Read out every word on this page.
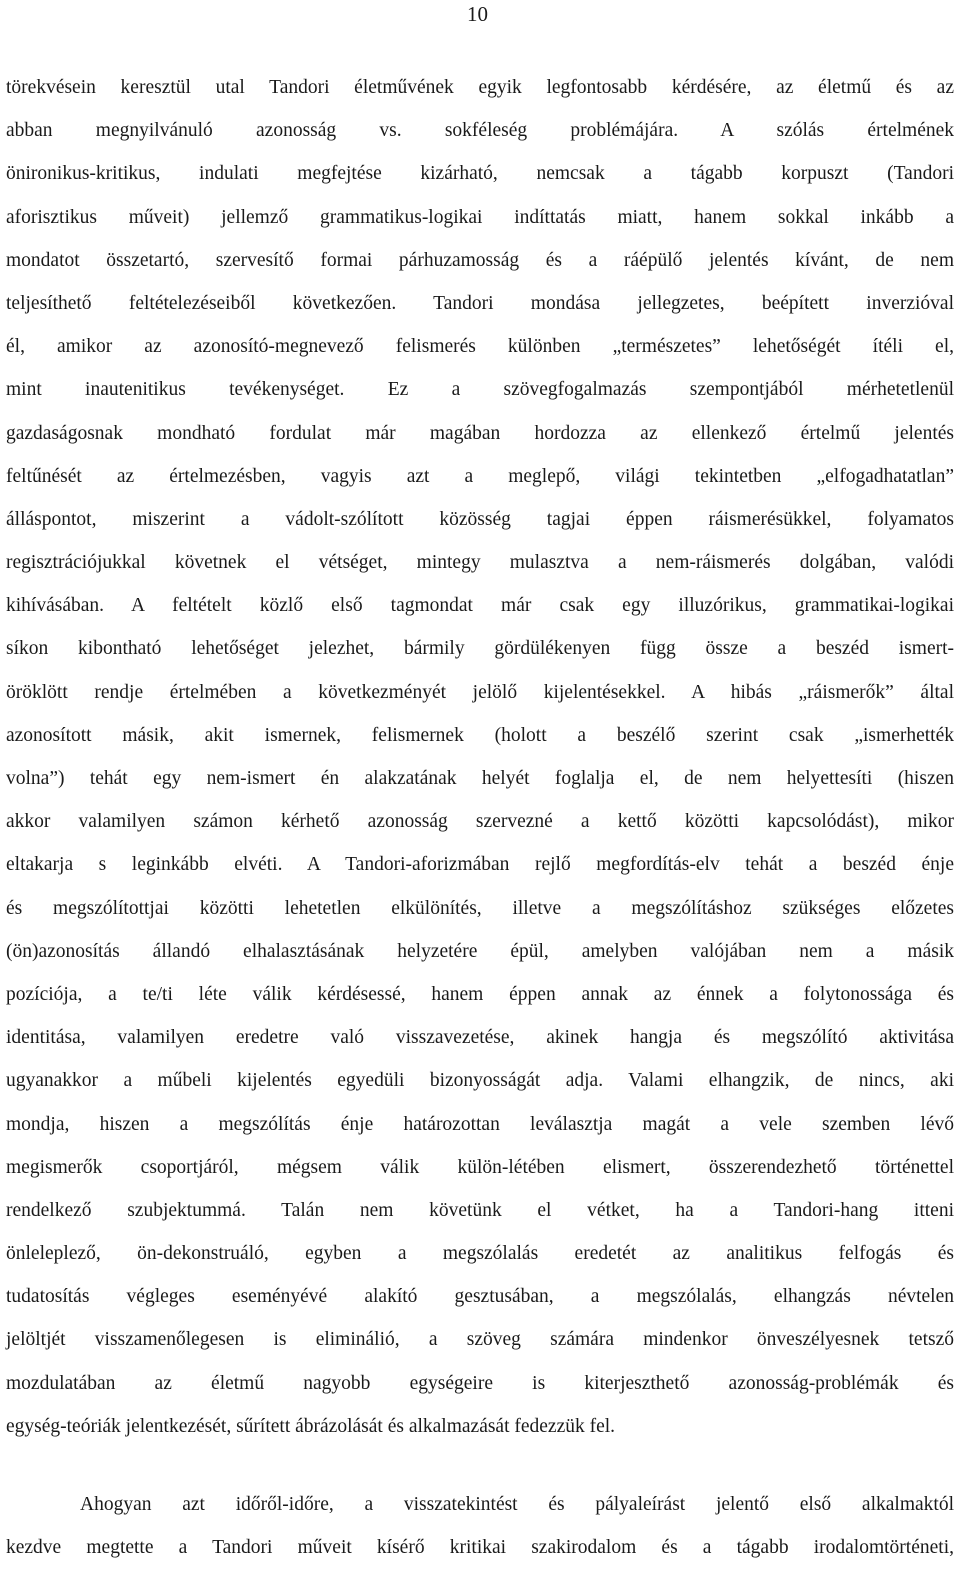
10
törekvésein keresztül utal Tandori életművének egyik legfontosabb kérdésére, az életmű és az
abban megnyilvánuló azonosság vs. sokféleség problémájára. A szólás értelmének
önironikus-kritikus, indulati megfejtése kizárható, nemcsak a tágabb korpuszt (Tandori
aforisztikus műveit) jellemző grammatikus-logikai indíttatás miatt, hanem sokkal inkább a
mondatot összetartó, szervesítő formai párhuzamosság és a ráépülő jelentés kívánt, de nem
teljesíthető feltételezéseiből következően. Tandori mondása jellegzetes, beépített inverzióval
él, amikor az azonosító-megnevező felismerés különben „természetes” lehetőségét ítéli el,
mint inautenitikus tevékenységet. Ez a szövegfogalmazás szempontjából mérhetetlenül
gazdaságosnak mondható fordulat már magában hordozza az ellenkező értelmű jelentés
feltűnését az értelmezésben, vagyis azt a meglepő, világi tekintetben „elfogadhatatlan”
álláspontot, miszerint a vádolt-szólított közösség tagjai éppen ráismerésükkel, folyamatos
regisztrációjukkal követnek el vétséget, mintegy mulasztva a nem-ráismerés dolgában, valódi
kihívásában. A feltételt közlő első tagmondat már csak egy illuzórikus, grammatikai-logikai
síkon kibontható lehetőséget jelezhet, bármily gördülékenyen függ össze a beszéd ismert-
öröklött rendje értelmében a következményét jelölő kijelentésekkel. A hibás „ráismerők” által
azonosított másik, akit ismernek, felismernek (holott a beszélő szerint csak „ismerhették
volna”) tehát egy nem-ismert én alakzatának helyét foglalja el, de nem helyettesíti (hiszen
akkor valamilyen számon kérhető azonosság szervezné a kettő közötti kapcsolódást), mikor
eltakarja s leginkább elvéti. A Tandori-aforizmában rejlő megfordítás-elv tehát a beszéd énje
és megszólítottjai közötti lehetetlen elkülönítés, illetve a megszólításhoz szükséges előzetes
(ön)azonosítás állandó elhalasztásának helyzetére épül, amelyben valójában nem a másik
pozíciója, a te/ti léte válik kérdésessé, hanem éppen annak az énnek a folytonossága és
identitása, valamilyen eredetre való visszavezetése, akinek hangja és megszólító aktivitása
ugyanakkor a műbeli kijelentés egyedüli bizonyosságát adja. Valami elhangzik, de nincs, aki
mondja, hiszen a megszólítás énje határozottan leválasztja magát a vele szemben lévő
megismerők csoportjáról, mégsem válik külön-létében elismert, összerendezhető történettel
rendelkező szubjektummá. Talán nem követünk el vétket, ha a Tandori-hang itteni
önleleplező, ön-dekonstruáló, egyben a megszólalás eredetét az analitikus felfogás és
tudatosítás végleges eseményévé alakító gesztusában, a megszólalás, elhangzás névtelen
jelöltjét visszamenőlegesen is eliminálió, a szöveg számára mindenkor önveszélyesnek tetsző
mozdulatában az életmű nagyobb egységeire is kiterjeszthető azonosság-problémák és
egység-teóriák jelentkezését, sűrített ábrázolását és alkalmazását fedezzük fel.
Ahogyan azt időről-időre, a visszatekintést és pályaleírást jelentő első alkalmaktól
kezdve megtette a Tandori műveit kísérő kritikai szakirodalom és a tágabb irodalomtörténeti,
